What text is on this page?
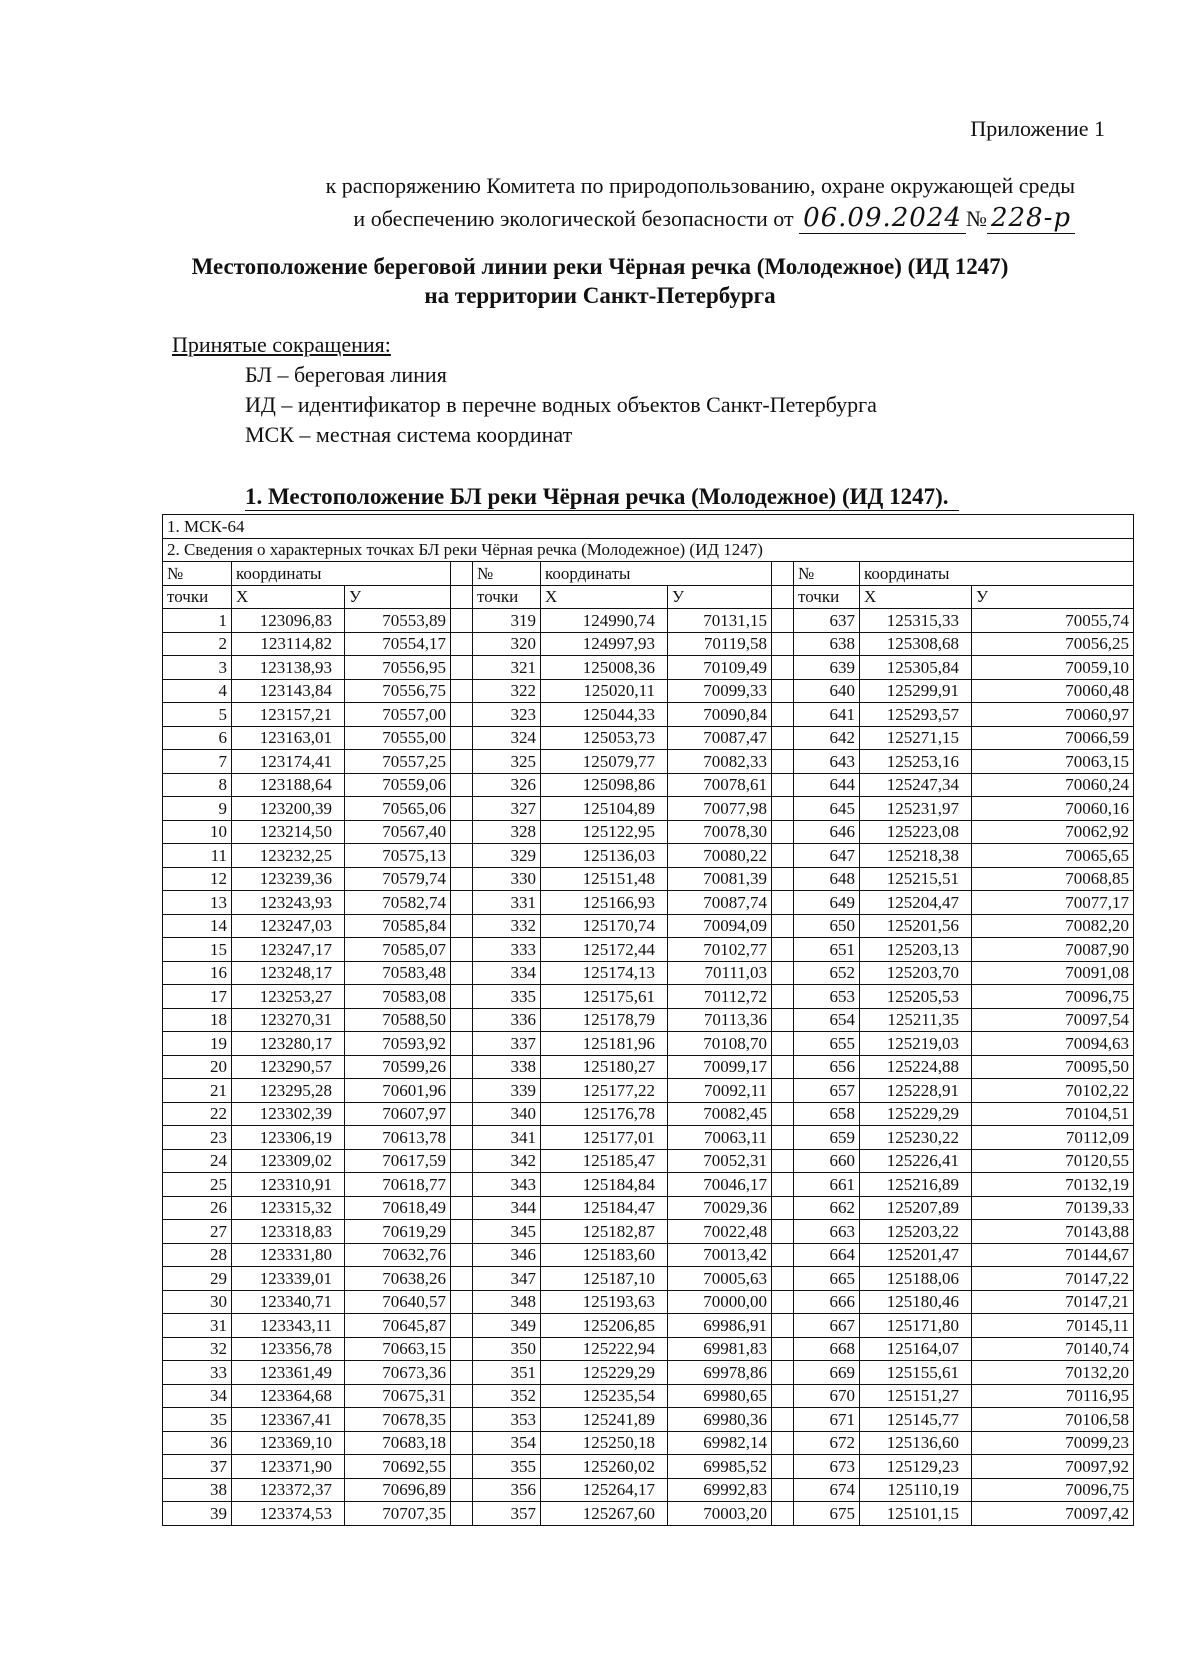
Приложение 1
к распоряжению Комитета по природопользованию, охране окружающей среды
и обеспечению экологической безопасности от 06.09.2024 № 228-р
Местоположение береговой линии реки Чёрная речка (Молодежное) (ИД 1247)
на территории Санкт-Петербурга
Принятые сокращения:
БЛ – береговая линия
ИД – идентификатор в перечне водных объектов Санкт-Петербурга
МСК – местная система координат
1. Местоположение БЛ реки Чёрная речка (Молодежное) (ИД 1247).
1. МСК-64										
2. Сведения о характерных точках БЛ реки Чёрная речка (Молодежное) (ИД 1247)										
№	координаты			№	координаты			№	координаты	
точки	Х	У		точки	Х	У		точки	Х	У
1	123096,83	70553,89		319	124990,74	70131,15		637	125315,33	70055,74
2	123114,82	70554,17		320	124997,93	70119,58		638	125308,68	70056,25
3	123138,93	70556,95		321	125008,36	70109,49		639	125305,84	70059,10
4	123143,84	70556,75		322	125020,11	70099,33		640	125299,91	70060,48
5	123157,21	70557,00		323	125044,33	70090,84		641	125293,57	70060,97
6	123163,01	70555,00		324	125053,73	70087,47		642	125271,15	70066,59
7	123174,41	70557,25		325	125079,77	70082,33		643	125253,16	70063,15
8	123188,64	70559,06		326	125098,86	70078,61		644	125247,34	70060,24
9	123200,39	70565,06		327	125104,89	70077,98		645	125231,97	70060,16
10	123214,50	70567,40		328	125122,95	70078,30		646	125223,08	70062,92
11	123232,25	70575,13		329	125136,03	70080,22		647	125218,38	70065,65
12	123239,36	70579,74		330	125151,48	70081,39		648	125215,51	70068,85
13	123243,93	70582,74		331	125166,93	70087,74		649	125204,47	70077,17
14	123247,03	70585,84		332	125170,74	70094,09		650	125201,56	70082,20
15	123247,17	70585,07		333	125172,44	70102,77		651	125203,13	70087,90
16	123248,17	70583,48		334	125174,13	70111,03		652	125203,70	70091,08
17	123253,27	70583,08		335	125175,61	70112,72		653	125205,53	70096,75
18	123270,31	70588,50		336	125178,79	70113,36		654	125211,35	70097,54
19	123280,17	70593,92		337	125181,96	70108,70		655	125219,03	70094,63
20	123290,57	70599,26		338	125180,27	70099,17		656	125224,88	70095,50
21	123295,28	70601,96		339	125177,22	70092,11		657	125228,91	70102,22
22	123302,39	70607,97		340	125176,78	70082,45		658	125229,29	70104,51
23	123306,19	70613,78		341	125177,01	70063,11		659	125230,22	70112,09
24	123309,02	70617,59		342	125185,47	70052,31		660	125226,41	70120,55
25	123310,91	70618,77		343	125184,84	70046,17		661	125216,89	70132,19
26	123315,32	70618,49		344	125184,47	70029,36		662	125207,89	70139,33
27	123318,83	70619,29		345	125182,87	70022,48		663	125203,22	70143,88
28	123331,80	70632,76		346	125183,60	70013,42		664	125201,47	70144,67
29	123339,01	70638,26		347	125187,10	70005,63		665	125188,06	70147,22
30	123340,71	70640,57		348	125193,63	70000,00		666	125180,46	70147,21
31	123343,11	70645,87		349	125206,85	69986,91		667	125171,80	70145,11
32	123356,78	70663,15		350	125222,94	69981,83		668	125164,07	70140,74
33	123361,49	70673,36		351	125229,29	69978,86		669	125155,61	70132,20
34	123364,68	70675,31		352	125235,54	69980,65		670	125151,27	70116,95
35	123367,41	70678,35		353	125241,89	69980,36		671	125145,77	70106,58
36	123369,10	70683,18		354	125250,18	69982,14		672	125136,60	70099,23
37	123371,90	70692,55		355	125260,02	69985,52		673	125129,23	70097,92
38	123372,37	70696,89		356	125264,17	69992,83		674	125110,19	70096,75
39	123374,53	70707,35		357	125267,60	70003,20		675	125101,15	70097,42
